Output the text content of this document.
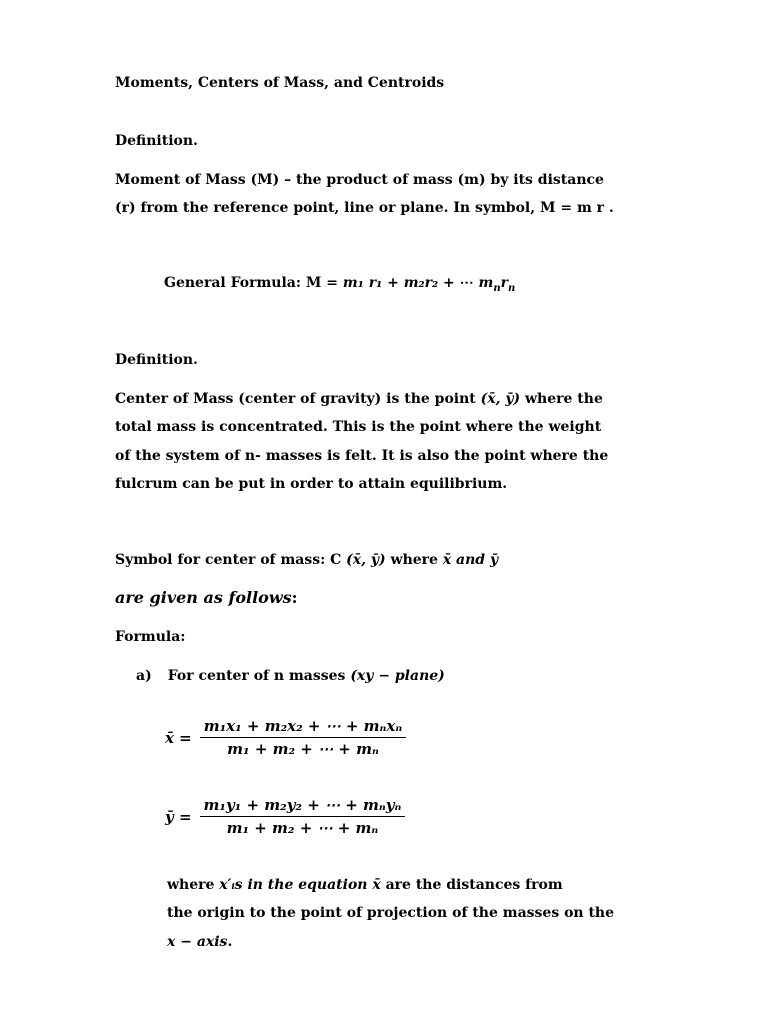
Moments, Centers of Mass, and Centroids
Definition.
Moment of Mass (M) – the product of mass (m) by its distance
(r) from the reference point, line or plane. In symbol, M = m r .
General Formula: M = m₁ r₁ + m₂r₂ + ⋯ $m_nr_n$
Definition.
Center of Mass (center of gravity) is the point (x̄, ȳ) where the
total mass is concentrated. This is the point where the weight
of the system of n- masses is felt. It is also the point where the
fulcrum can be put in order to attain equilibrium.
Symbol for center of mass: C (x̄, ȳ) where x̄ and ȳ
are given as follows:
Formula:
a) For center of n masses (xy − plane)
x̄ = $\frac{\text{m₁x₁ + m₂x₂ + ⋯ + mₙxₙ}}{\text{m₁ + m₂ + ⋯ + mₙ}}$
ȳ = $\frac{\text{m₁y₁ + m₂y₂ + ⋯ + mₙyₙ}}{\text{m₁ + m₂ + ⋯ + mₙ}}$
where x′ᵢs in the equation x̄ are the distances from
the origin to the point of projection of the masses on the
x − axis.
